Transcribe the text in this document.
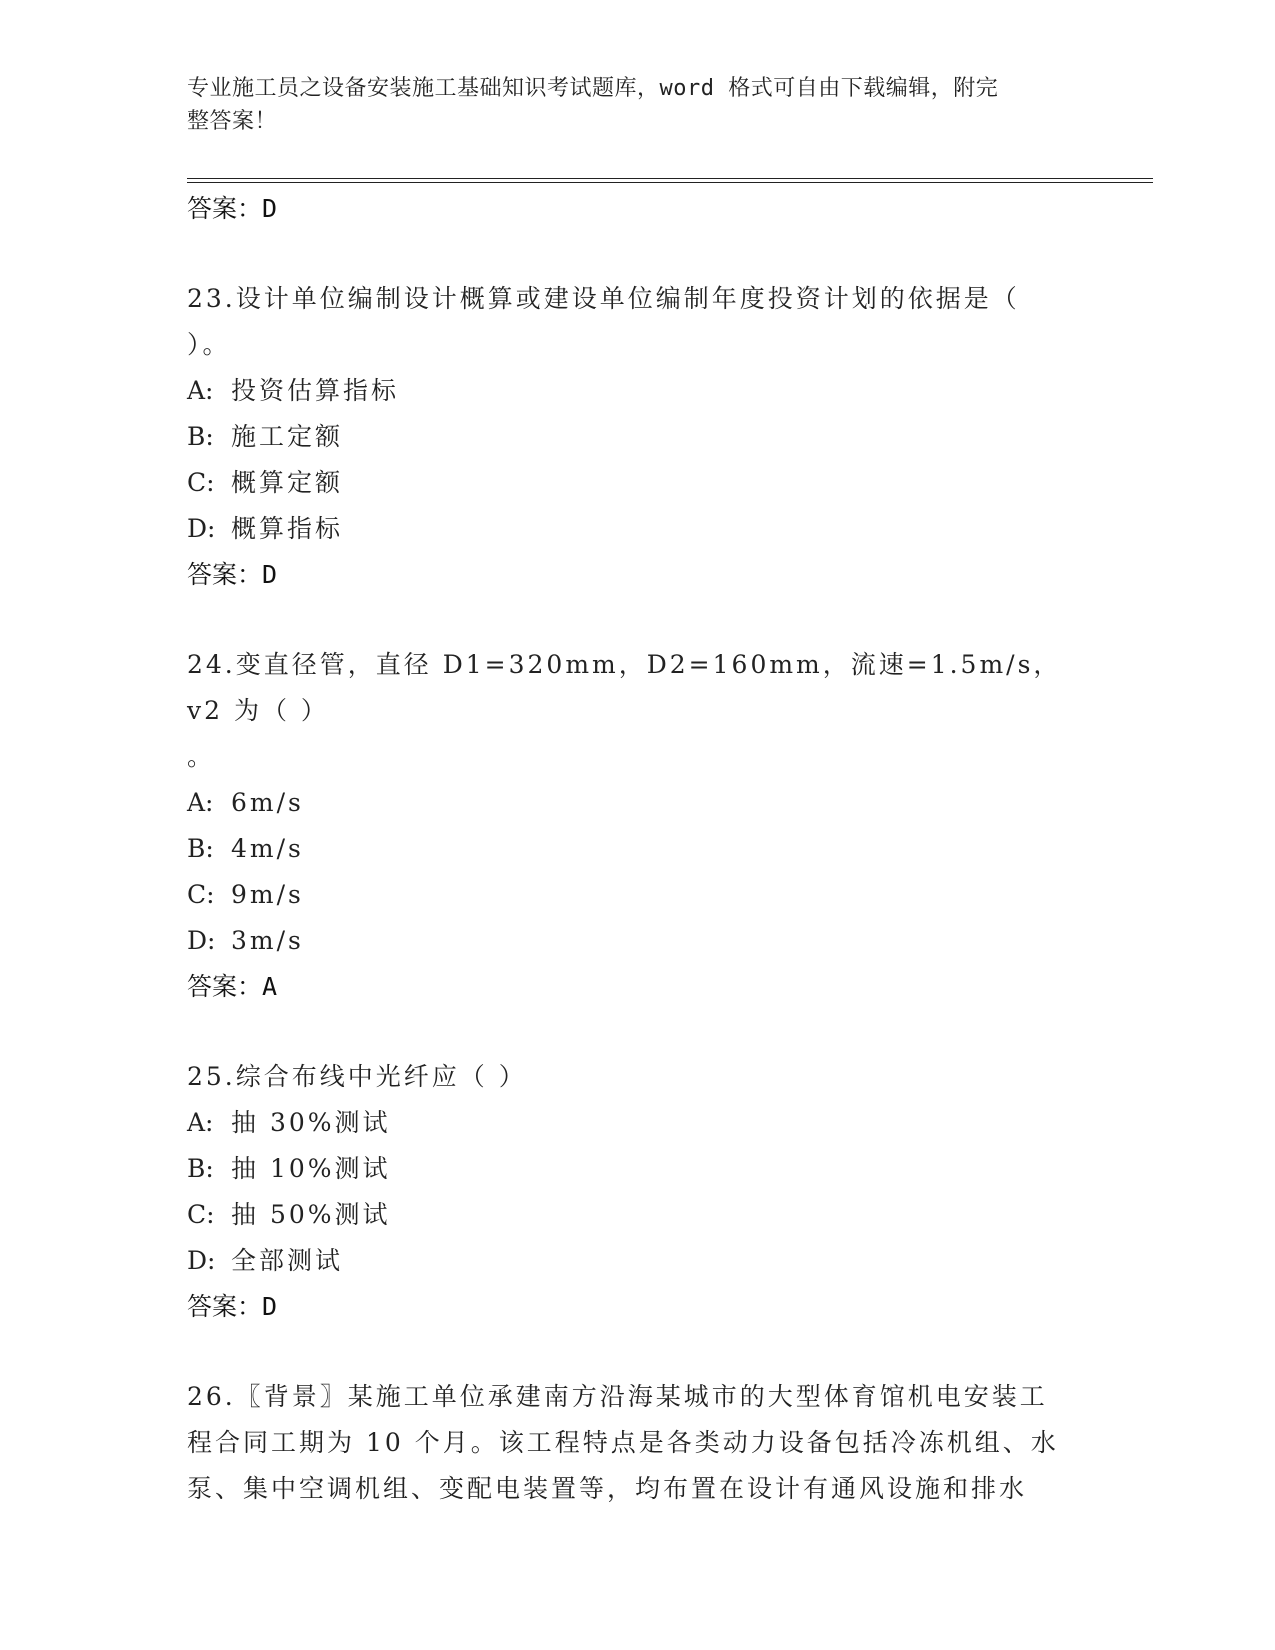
专业施工员之设备安装施工基础知识考试题库，word 格式可自由下载编辑，附完
整答案！
答案：D
23.设计单位编制设计概算或建设单位编制年度投资计划的依据是（
）。
A: 投资估算指标
B: 施工定额
C: 概算定额
D: 概算指标
答案：D
24.变直径管，直径 D1=320mm，D2=160mm，流速=1.5m/s，v2 为（ ）
。
A: 6m/s
B: 4m/s
C: 9m/s
D: 3m/s
答案：A
25.综合布线中光纤应（ ）
A: 抽 30%测试
B: 抽 10%测试
C: 抽 50%测试
D: 全部测试
答案：D
26.〖背景〗某施工单位承建南方沿海某城市的大型体育馆机电安装工
程合同工期为 10 个月。该工程特点是各类动力设备包括冷冻机组、水
泵、集中空调机组、变配电装置等，均布置在设计有通风设施和排水
